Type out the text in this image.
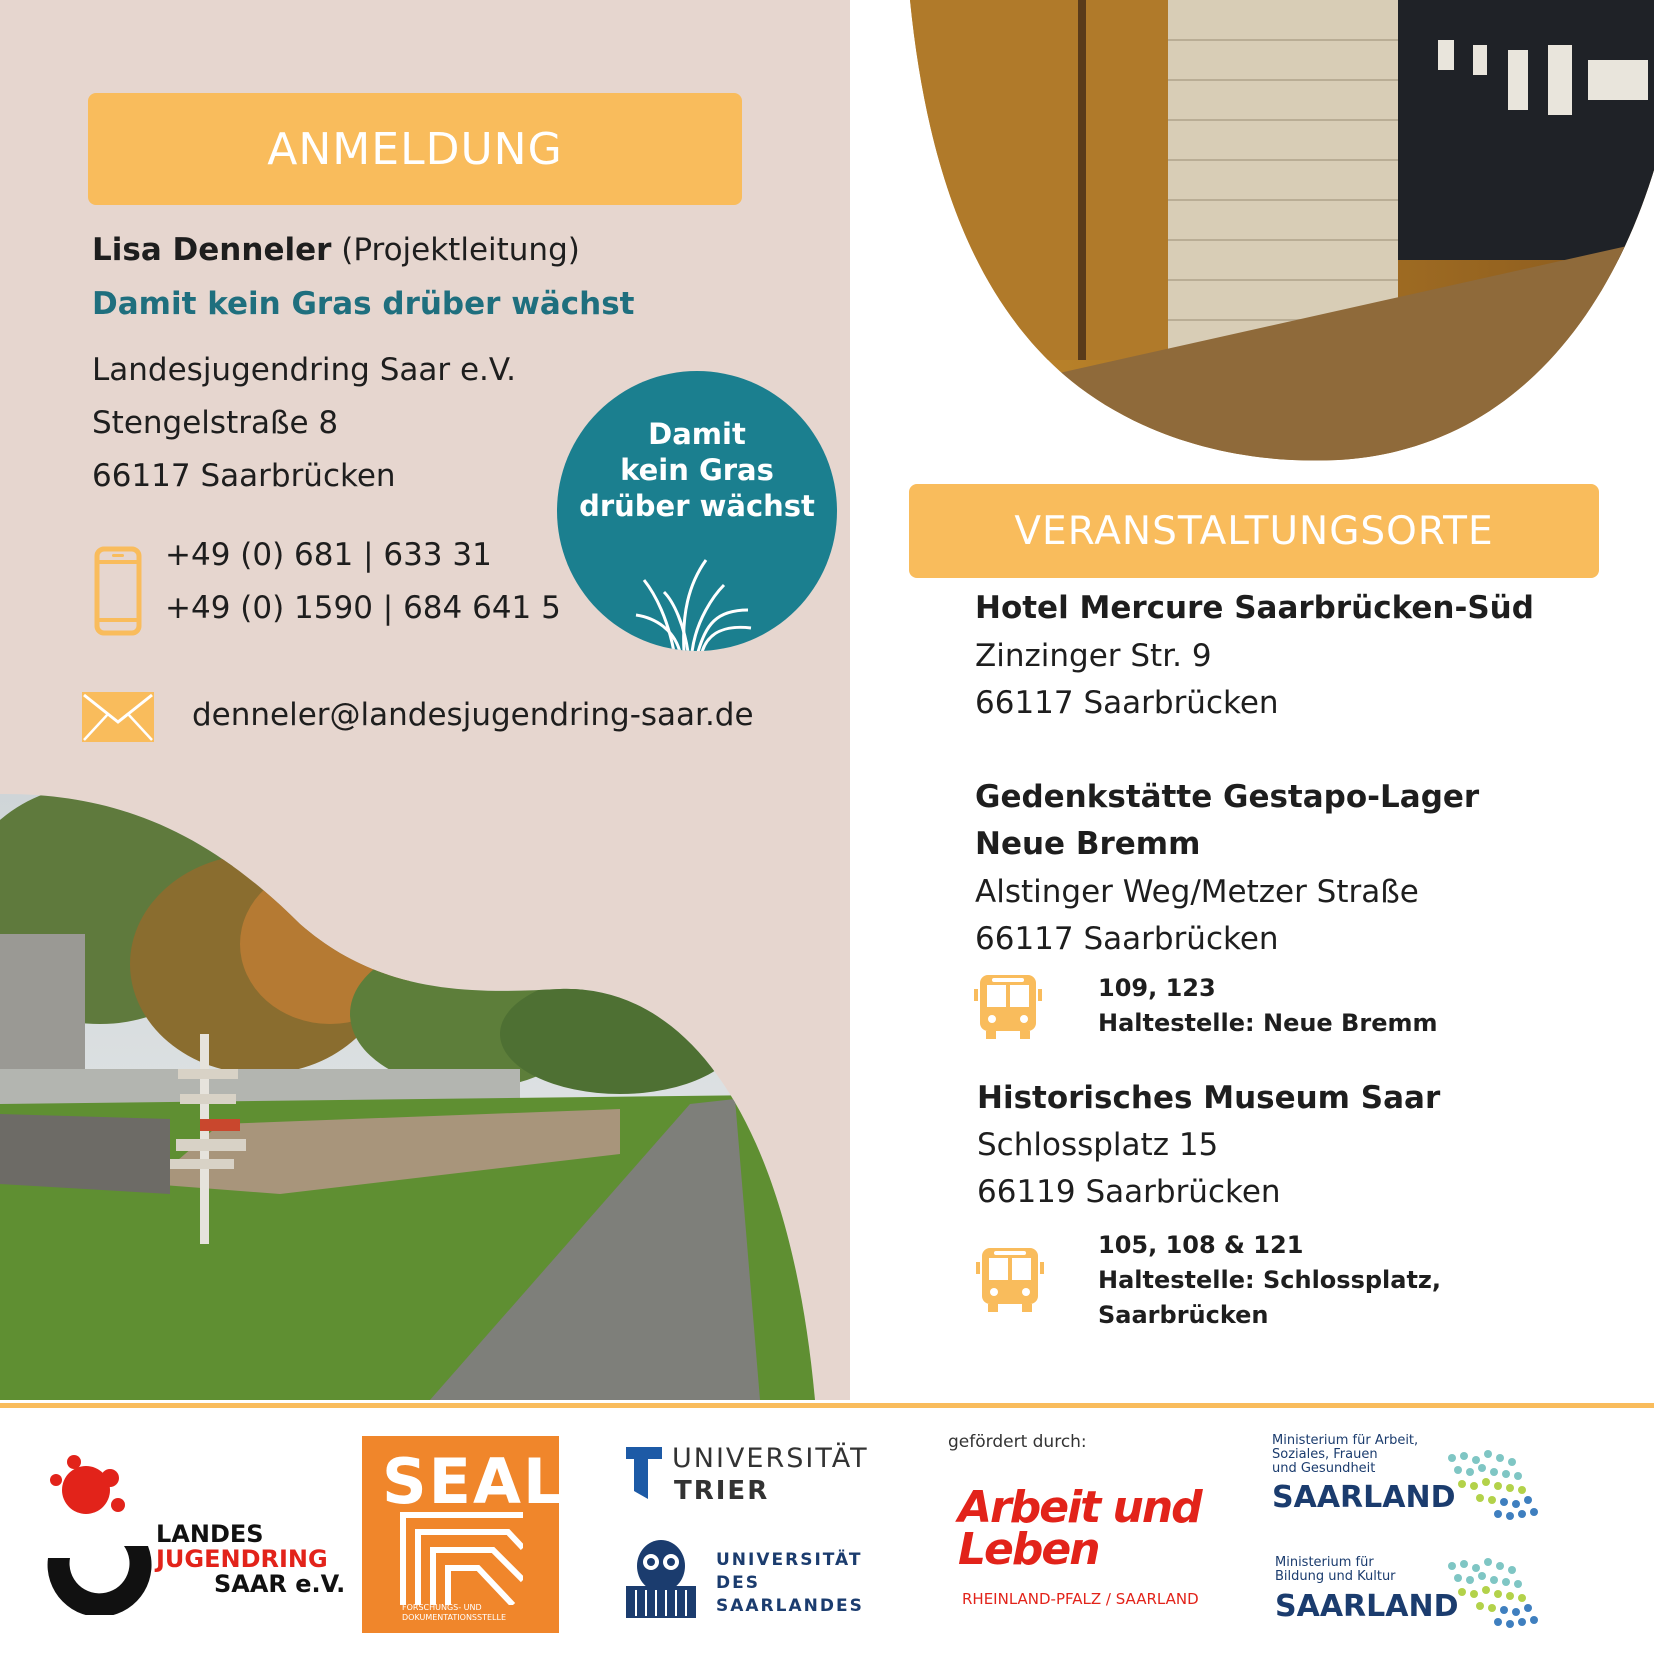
ANMELDUNG
Lisa Denneler (Projektleitung)
Damit kein Gras drüber wächst
Landesjugendring Saar e.V.
Stengelstraße 8
66117 Saarbrücken
+49 (0) 681 | 633 31
+49 (0) 1590 | 684 641 5
denneler@landesjugendring-saar.de
Damit
kein Gras
drüber wächst
VERANSTALTUNGSORTE
Hotel Mercure Saarbrücken-Süd
Zinzinger Str. 9
66117 Saarbrücken
Gedenkstätte Gestapo-Lager
Neue Bremm
Alstinger Weg/Metzer Straße
66117 Saarbrücken
109, 123
Haltestelle: Neue Bremm
Historisches Museum Saar
Schlossplatz 15
66119 Saarbrücken
105, 108 & 121
Haltestelle: Schlossplatz,
Saarbrücken
LANDES
JUGENDRING
SAAR e.V.
SEAL
FORSCHUNGS- UND
DOKUMENTATIONSSTELLE
UNIVERSITÄT
TRIER
UNIVERSITÄT
DES
SAARLANDES
gefördert durch:
Arbeit und
Leben
RHEINLAND-PFALZ / SAARLAND
Ministerium für Arbeit,
Soziales, Frauen
und Gesundheit
SAARLAND
Ministerium für
Bildung und Kultur
SAARLAND
